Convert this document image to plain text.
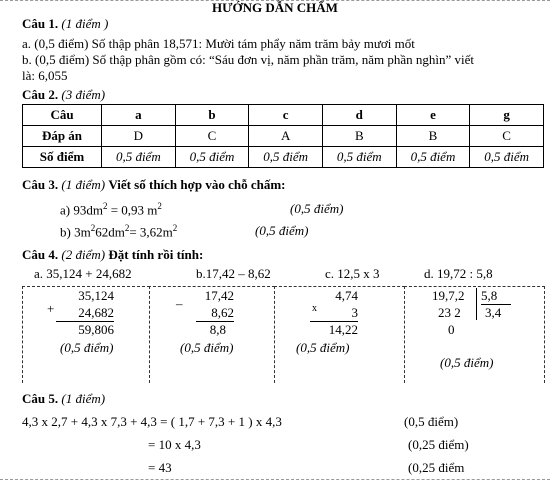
HƯỚNG DẪN CHẤM
Câu 1. (1 điểm )
a. (0,5 điểm) Số thập phân 18,571: Mười tám phẩy năm trăm bảy mươi mốt
b. (0,5 điểm) Số thập phân gồm có: “Sáu đơn vị, năm phần trăm, năm phần nghìn” viết
là: 6,055
Câu 2. (3 điểm)
Câu	a	b	c	d	e	g
Đáp án	D	C	A	B	B	C
Số điểm	0,5 điểm	0,5 điểm	0,5 điểm	0,5 điểm	0,5 điểm	0,5 điểm
Câu 3. (1 điểm) Viết số thích hợp vào chỗ chấm:
a) $93dm^2 = 0,93$ $m^2$	(0,5 điểm)
b) $3m^262dm^2= 3,62m^2$	(0,5 điểm)
Câu 4. (2 điểm) Đặt tính rồi tính:
a. 35,124 + 24,682	b.17,42 – 8,62	c. 12,5 x 3	d. 19,72 : 5,8
+
35,124
24,682
59,806
(0,5 điểm)
–
17,42
8,62
8,8
(0,5 điểm)
4,74
x	3
14,22
(0,5 điểm)
19,7,2 5,8
3,4
23 2
0
(0,5 điểm)
Câu 5. (1 điểm)
4,3 x 2,7 + 4,3 x 7,3 + 4,3 = ( 1,7 + 7,3 + 1 ) x 4,3	(0,5 điểm)
= 10 x 4,3	(0,25 điểm)
= 43	(0,25 điểm
